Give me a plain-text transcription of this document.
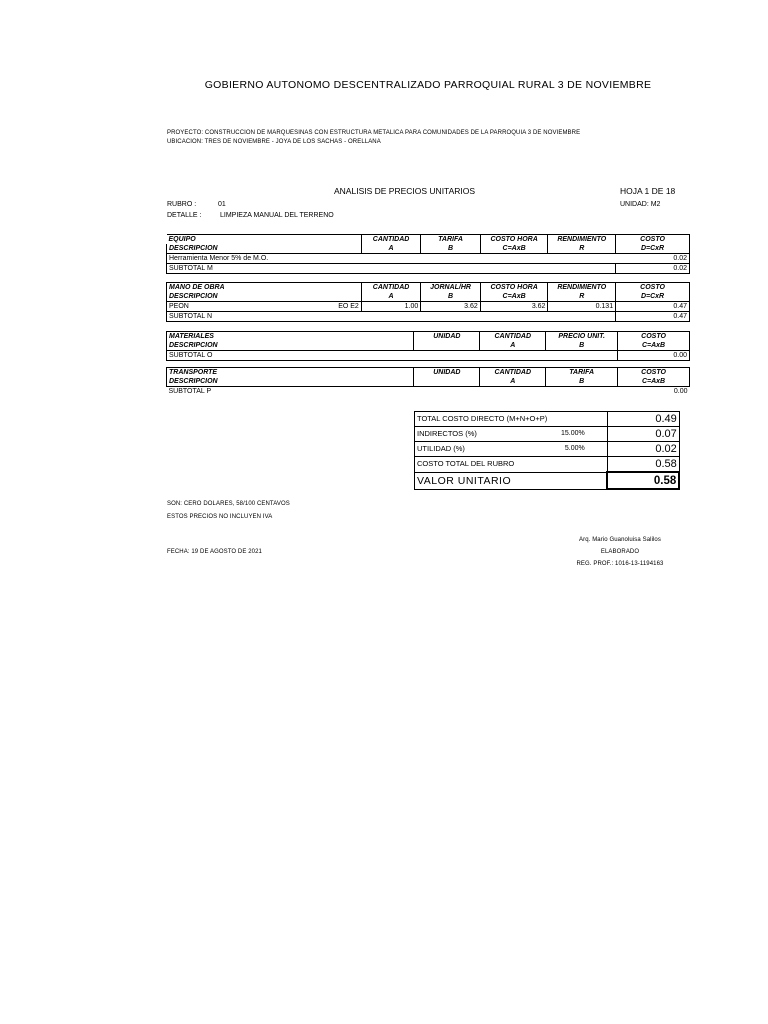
GOBIERNO AUTONOMO DESCENTRALIZADO PARROQUIAL RURAL 3 DE NOVIEMBRE
PROYECTO: CONSTRUCCION DE MARQUESINAS CON ESTRUCTURA METALICA PARA COMUNIDADES DE LA PARROQUIA 3 DE NOVIEMBRE
UBICACION: TRES DE NOVIEMBRE - JOYA DE LOS SACHAS - ORELLANA
ANALISIS DE PRECIOS UNITARIOS	HOJA 1 DE 18
RUBRO :	01	UNIDAD: M2
DETALLE :	LIMPIEZA MANUAL DEL TERRENO
EQUIPO	CANTIDAD	TARIFA	COSTO HORA	RENDIMIENTO	COSTO
DESCRIPCION	A	B	C=AxB	R	D=CxR
Herramienta Menor 5% de M.O.					0.02
SUBTOTAL M					0.02
MANO DE OBRA		CANTIDAD	JORNAL/HR	COSTO HORA	RENDIMIENTO	COSTO
DESCRIPCION		A	B	C=AxB	R	D=CxR
PEON	EO E2	1.00	3.62	3.62	0.131	0.47
SUBTOTAL N						0.47
MATERIALES	UNIDAD	CANTIDAD	PRECIO UNIT.	COSTO
DESCRIPCION		A	B	C=AxB
SUBTOTAL O				0.00
TRANSPORTE	UNIDAD	CANTIDAD	TARIFA	COSTO
DESCRIPCION		A	B	C=AxB
SUBTOTAL P				0.00
TOTAL COSTO DIRECTO (M+N+O+P)		0.49
INDIRECTOS (%)	15.00%	0.07
UTILIDAD (%)	5.00%	0.02
COSTO TOTAL DEL RUBRO		0.58
VALOR UNITARIO		0.58
SON: CERO DOLARES, 58/100 CENTAVOS
ESTOS PRECIOS NO INCLUYEN IVA
FECHA: 19 DE AGOSTO DE 2021
Arq. Mario Guanoluisa Salilos
ELABORADO
REG. PROF.: 1016-13-1194163
